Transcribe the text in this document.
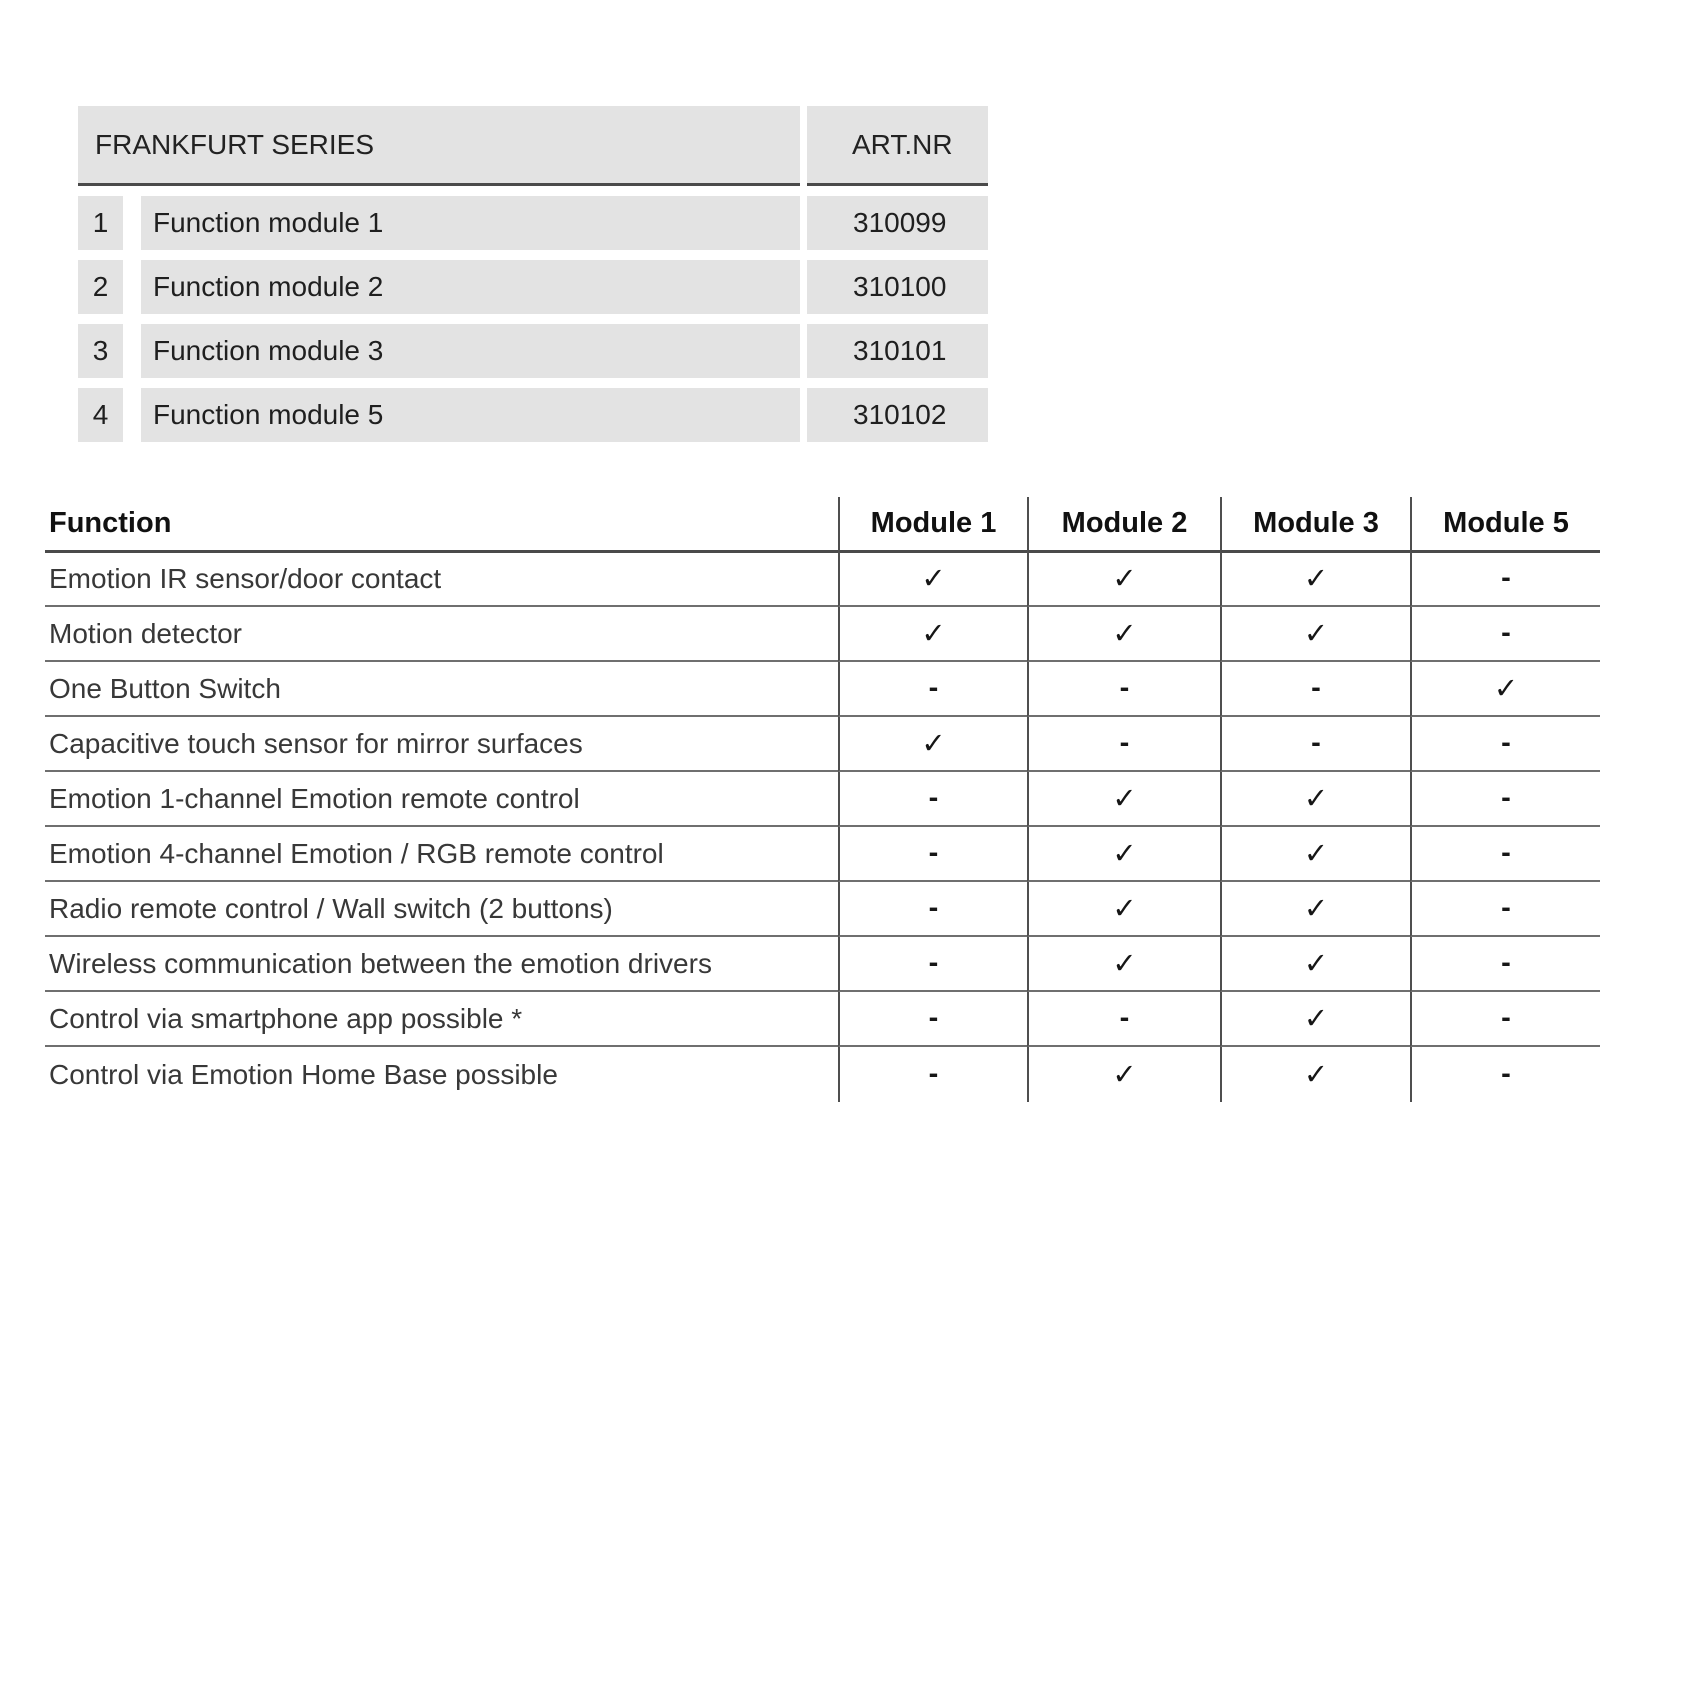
FRANKFURT SERIES	ART.NR
1	Function module 1	310099
2	Function module 2	310100
3	Function module 3	310101
4	Function module 5	310102
Function	Module 1	Module 2	Module 3	Module 5
Emotion IR sensor/door contact	✓	✓	✓	-
Motion detector	✓	✓	✓	-
One Button Switch	-	-	-	✓
Capacitive touch sensor for mirror surfaces	✓	-	-	-
Emotion 1-channel Emotion remote control	-	✓	✓	-
Emotion 4-channel Emotion / RGB remote control	-	✓	✓	-
Radio remote control / Wall switch (2 buttons)	-	✓	✓	-
Wireless communication between the emotion drivers	-	✓	✓	-
Control via smartphone app possible *	-	-	✓	-
Control via Emotion Home Base possible	-	✓	✓	-
